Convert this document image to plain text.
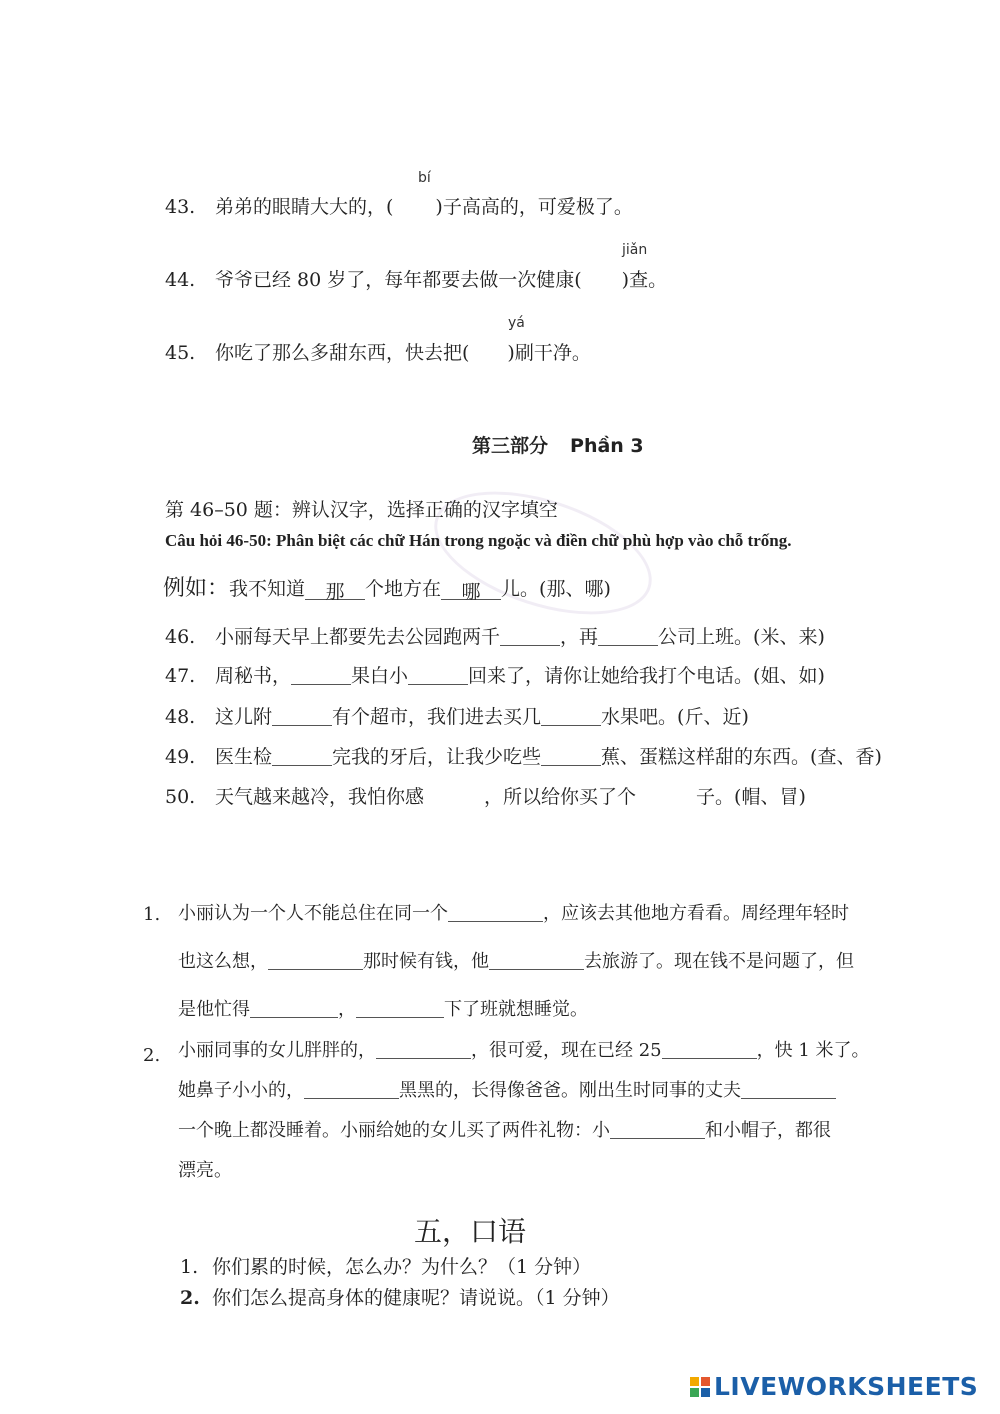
bí
43. 弟弟的眼睛大大的，( )子高高的，可爱极了。
jiǎn
44. 爷爷已经 80 岁了，每年都要去做一次健康( )查。
yá
45. 你吃了那么多甜东西，快去把( )刷干净。
第三部分 Phần 3
第 46–50 题：辨认汉字，选择正确的汉字填空
Câu hỏi 46-50: Phân biệt các chữ Hán trong ngoặc và điền chữ phù hợp vào chỗ trống.
例如：我不知道 那 个地方在 哪 儿。(那、哪)
46. 小丽每天早上都要先去公园跑两千	，再	公司上班。(米、来)
47. 周秘书，	果白小	回来了，请你让她给我打个电话。(姐、如)
48. 这儿附	有个超市，我们进去买几	水果吧。(斤、近)
49. 医生检	完我的牙后，让我少吃些	蕉、蛋糕这样甜的东西。(查、香)
50. 天气越来越冷，我怕你感	，所以给你买了个	子。(帽、冒)
1. 小丽认为一个人不能总住在同一个	，应该去其他地方看看。周经理年轻时
也这么想，	那时候有钱，他	去旅游了。现在钱不是问题了，但
是他忙得	，	下了班就想睡觉。
2. 小丽同事的女儿胖胖的，	，很可爱，现在已经 25	，快 1 米了。
她鼻子小小的，	黑黑的，长得像爸爸。刚出生时同事的丈夫
一个晚上都没睡着。小丽给她的女儿买了两件礼物：小	和小帽子，都很
漂亮。
五，口语
1. 你们累的时候，怎么办？为什么？（1 分钟）
2. 你们怎么提高身体的健康呢？请说说。（1 分钟）
LIVEWORKSHEETS
